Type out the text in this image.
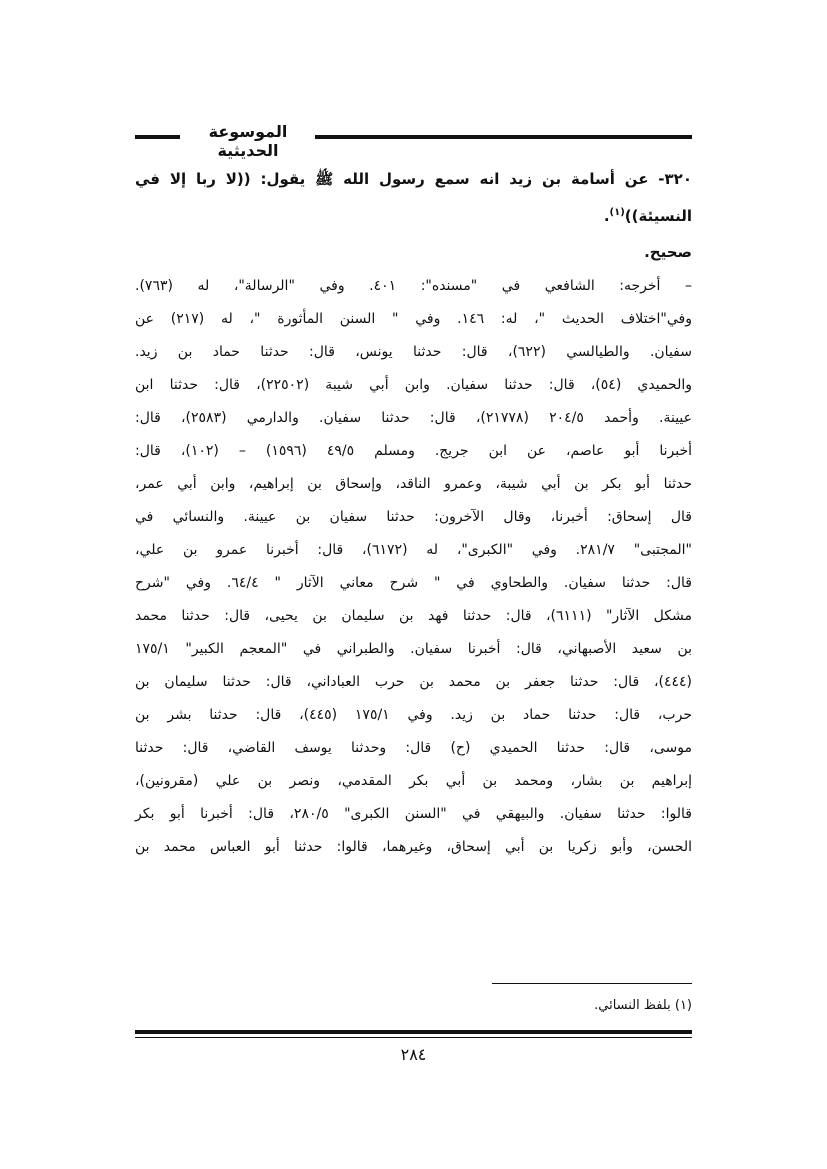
الموسوعة الحديثية
٣٢٠- عن أسامة بن زيد انه سمع رسول الله ﷺ يقول: ((لا ربا إلا في
النسيئة))$^{(١)}$.
صحيح.
– أخرجه: الشافعي في "مسنده": ٤٠١. وفي "الرسالة"، له (٧٦٣).
وفي"اختلاف الحديث "، له: ١٤٦. وفي " السنن المأثورة "، له (٢١٧) عن
سفيان. والطيالسي (٦٢٢)، قال: حدثنا يونس، قال: حدثنا حماد بن زيد.
والحميدي (٥٤)، قال: حدثنا سفيان. وابن أبي شيبة (٢٢٥٠٢)، قال: حدثنا ابن
عيينة. وأحمد ٢٠٤/٥ (٢١٧٧٨)، قال: حدثنا سفيان. والدارمي (٢٥٨٣)، قال:
أخبرنا أبو عاصم، عن ابن جريج. ومسلم ٤٩/٥ (١٥٩٦) – (١٠٢)، قال:
حدثنا أبو بكر بن أبي شيبة، وعمرو الناقد، وإسحاق بن إبراهيم، وابن أبي عمر،
قال إسحاق: أخبرنا، وقال الآخرون: حدثنا سفيان بن عيينة. والنسائي في
"المجتبى" ٢٨١/٧. وفي "الكبرى"، له (٦١٧٢)، قال: أخبرنا عمرو بن علي،
قال: حدثنا سفيان. والطحاوي في " شرح معاني الآثار " ٦٤/٤. وفي "شرح
مشكل الآثار" (٦١١١)، قال: حدثنا فهد بن سليمان بن يحيى، قال: حدثنا محمد
بن سعيد الأصبهاني، قال: أخبرنا سفيان. والطبراني في "المعجم الكبير" ١٧٥/١
(٤٤٤)، قال: حدثنا جعفر بن محمد بن حرب العباداني، قال: حدثنا سليمان بن
حرب، قال: حدثنا حماد بن زيد. وفي ١٧٥/١ (٤٤٥)، قال: حدثنا بشر بن
موسى، قال: حدثنا الحميدي (ح) قال: وحدثنا يوسف القاضي، قال: حدثنا
إبراهيم بن بشار، ومحمد بن أبي بكر المقدمي، ونصر بن علي (مقرونين)،
قالوا: حدثنا سفيان. والبيهقي في "السنن الكبرى" ٢٨٠/٥، قال: أخبرنا أبو بكر
الحسن، وأبو زكريا بن أبي إسحاق، وغيرهما، قالوا: حدثنا أبو العباس محمد بن
(١) بلفظ النسائي.
٢٨٤
